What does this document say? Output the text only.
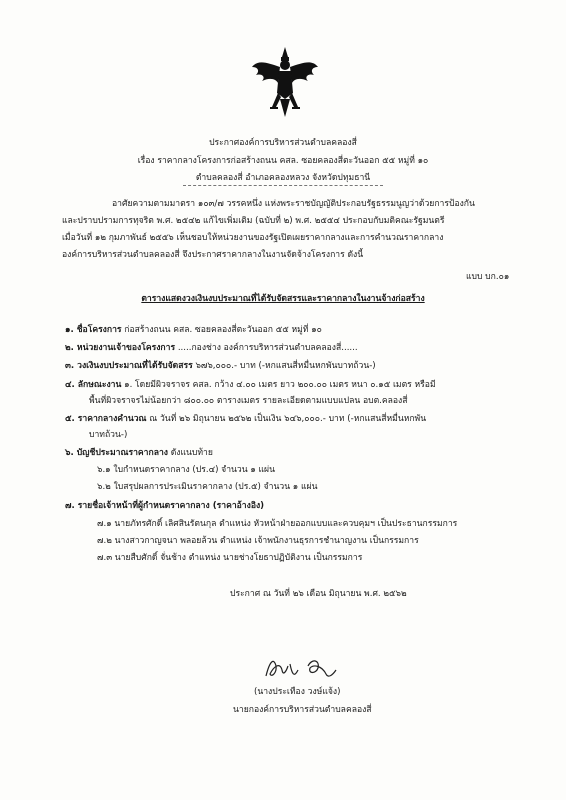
ประกาศองค์การบริหารส่วนตำบลคลองสี่
เรื่อง ราคากลางโครงการก่อสร้างถนน คสล. ซอยคลองสี่ตะวันออก ๕๕ หมู่ที่ ๑๐
ตำบลคลองสี่ อำเภอคลองหลวง จังหวัดปทุมธานี
อาศัยความตามมาตรา ๑๐๓/๗ วรรคหนึ่ง แห่งพระราชบัญญัติประกอบรัฐธรรมนูญว่าด้วยการป้องกัน
และปราบปรามการทุจริต พ.ศ. ๒๕๔๒ แก้ไขเพิ่มเติม (ฉบับที่ ๒) พ.ศ. ๒๕๕๔ ประกอบกับมติคณะรัฐมนตรี
เมื่อวันที่ ๑๒ กุมภาพันธ์ ๒๕๕๖ เห็นชอบให้หน่วยงานของรัฐเปิดเผยราคากลางและการคำนวณราคากลาง
องค์การบริหารส่วนตำบลคลองสี่ จึงประกาศราคากลางในงานจัดจ้างโครงการ ดังนี้
แบบ บก.๐๑
ตารางแสดงวงเงินงบประมาณที่ได้รับจัดสรรและราคากลางในงานจ้างก่อสร้าง
๑. ชื่อโครงการ ก่อสร้างถนน คสล. ซอยคลองสี่ตะวันออก ๕๕ หมู่ที่ ๑๐
๒. หน่วยงานเจ้าของโครงการ .....กองช่าง องค์การบริหารส่วนตำบลคลองสี่......
๓. วงเงินงบประมาณที่ได้รับจัดสรร ๖๗๖,๐๐๐.- บาท (-หกแสนสี่หมื่นหกพันบาทถ้วน-)
๔. ลักษณะงาน ๑. โดยมีผิวจราจร คสล. กว้าง ๔.๐๐ เมตร ยาว ๒๐๐.๐๐ เมตร หนา ๐.๑๕ เมตร หรือมี
พื้นที่ผิวจราจรไม่น้อยกว่า ๘๐๐.๐๐ ตารางเมตร รายละเอียดตามแบบแปลน อบต.คลองสี่
๕. ราคากลางคำนวณ ณ วันที่ ๒๖ มิถุนายน ๒๕๖๒ เป็นเงิน ๖๔๖,๐๐๐.- บาท (-หกแสนสี่หมื่นหกพัน
บาทถ้วน-)
๖. บัญชีประมาณราคากลาง ดังแนบท้าย
๖.๑ ใบกำหนดราคากลาง (ปร.๔) จำนวน ๑ แผ่น
๖.๒ ใบสรุปผลการประเมินราคากลาง (ปร.๕) จำนวน ๑ แผ่น
๗. รายชื่อเจ้าหน้าที่ผู้กำหนดราคากลาง (ราคาอ้างอิง)
๗.๑ นายภัทรศักดิ์ เลิศสินรัตนกุล ตำแหน่ง หัวหน้าฝ่ายออกแบบและควบคุมฯ เป็นประธานกรรมการ
๗.๒ นางสาวกาญจนา พลอยล้วน ตำแหน่ง เจ้าพนักงานธุรการชำนาญงาน เป็นกรรมการ
๗.๓ นายสืบศักดิ์ จั่นช้าง ตำแหน่ง นายช่างโยธาปฏิบัติงาน เป็นกรรมการ
ประกาศ ณ วันที่ ๒๖ เดือน มิถุนายน พ.ศ. ๒๕๖๒
(นางประเทือง วงษ์แจ้ง)
นายกองค์การบริหารส่วนตำบลคลองสี่
